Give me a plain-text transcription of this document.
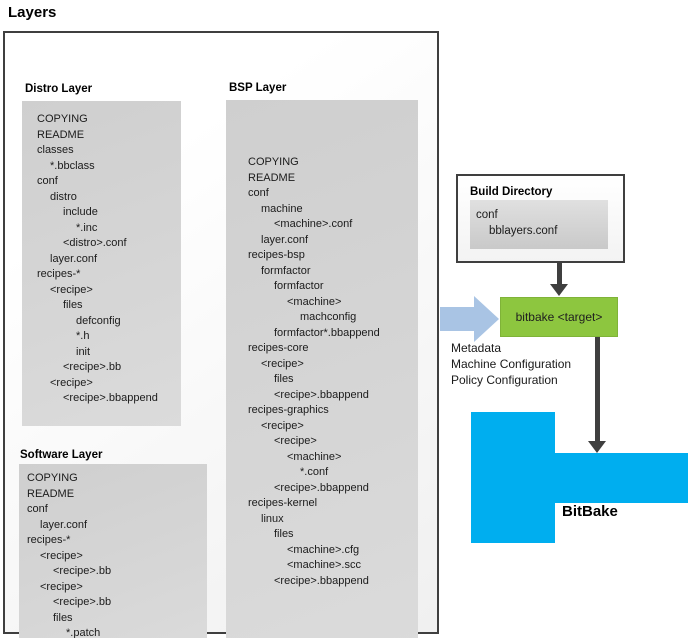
Layers
Distro Layer
COPYING
README
classes
*.bbclass
conf
distro
include
*.inc
<distro>.conf
layer.conf
recipes-*
<recipe>
files
defconfig
*.h
init
<recipe>.bb
<recipe>
<recipe>.bbappend
BSP Layer
COPYING
README
conf
machine
<machine>.conf
layer.conf
recipes-bsp
formfactor
formfactor
<machine>
machconfig
formfactor*.bbappend
recipes-core
<recipe>
files
<recipe>.bbappend
recipes-graphics
<recipe>
<recipe>
<machine>
*.conf
<recipe>.bbappend
recipes-kernel
linux
files
<machine>.cfg
<machine>.scc
<recipe>.bbappend
Software Layer
COPYING
README
conf
layer.conf
recipes-*
<recipe>
<recipe>.bb
<recipe>
<recipe>.bb
files
*.patch
Build Directory
conf
bblayers.conf
bitbake <target>
Metadata
Machine Configuration
Policy Configuration
BitBake
